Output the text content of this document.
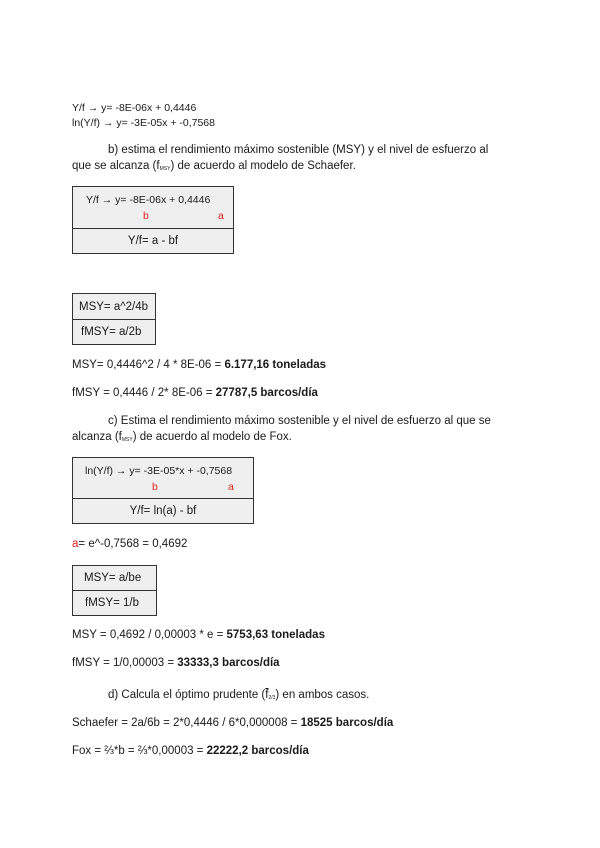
Y/f → y= -8E-06x + 0,4446
ln(Y/f) → y= -3E-05x + -0,7568
b) estima el rendimiento máximo sostenible (MSY) y el nivel de esfuerzo al
que se alcanza $(f_{MSY})$ de acuerdo al modelo de Schaefer.
Y/f → y= -8E-06x + 0,4446
b	a
Y/f= a - bf
MSY= a^2/4b
fMSY= a/2b
MSY= 0,4446^2 / 4 * 8E-06 = 6.177,16 toneladas
fMSY = 0,4446 / 2* 8E-06 = 27787,5 barcos/día
c) Estima el rendimiento máximo sostenible y el nivel de esfuerzo al que se
alcanza $(f_{MSY})$ de acuerdo al modelo de Fox.
ln(Y/f) → y= -3E-05*x + -0,7568
b	a
Y/f= ln(a) - bf
a= e^-0,7568 = 0,4692
MSY= a/be
fMSY= 1/b
MSY = 0,4692 / 0,00003 * e = 5753,63 toneladas
fMSY = 1/0,00003 = 33333,3 barcos/día
d) Calcula el óptimo prudente $(\overline{f}_{2/3})$ en ambos casos.
Schaefer = 2a/6b = 2*0,4446 / 6*0,000008 = 18525 barcos/día
Fox = ⅔*b = ⅔*0,00003 = 22222,2 barcos/día
